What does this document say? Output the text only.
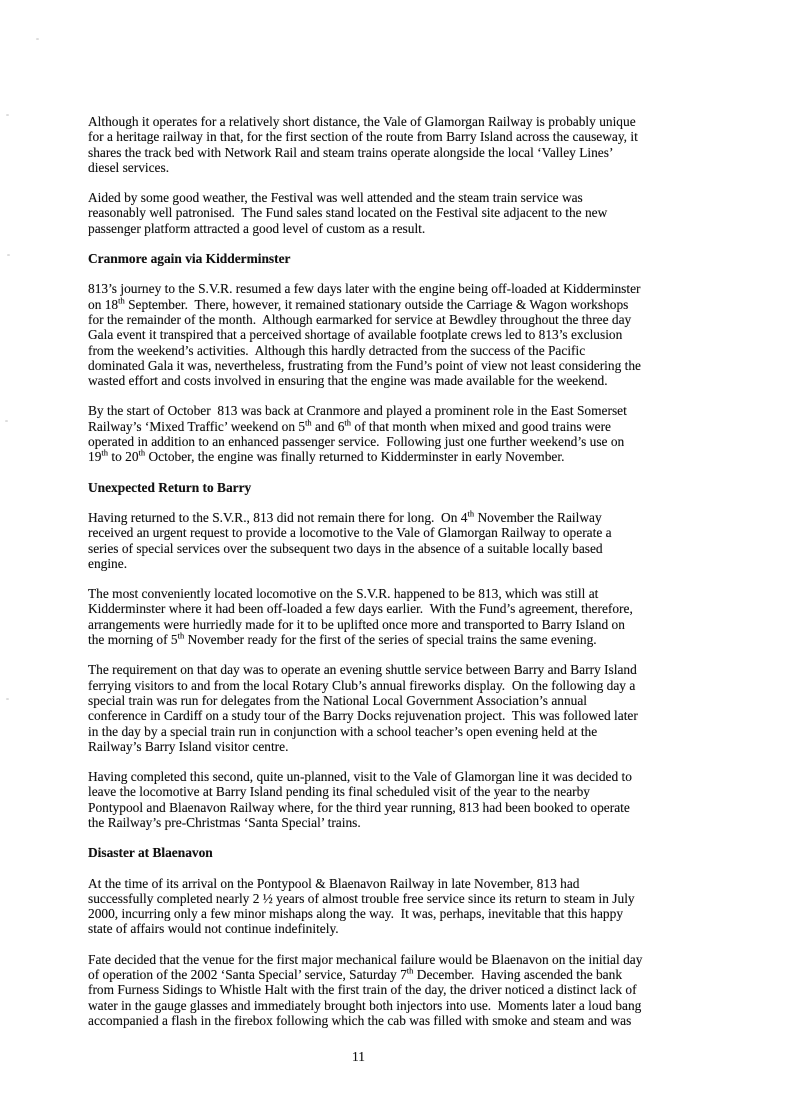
Although it operates for a relatively short distance, the Vale of Glamorgan Railway is probably unique
for a heritage railway in that, for the first section of the route from Barry Island across the causeway, it
shares the track bed with Network Rail and steam trains operate alongside the local ‘Valley Lines’
diesel services.
Aided by some good weather, the Festival was well attended and the steam train service was
reasonably well patronised.  The Fund sales stand located on the Festival site adjacent to the new
passenger platform attracted a good level of custom as a result.
Cranmore again via Kidderminster
813’s journey to the S.V.R. resumed a few days later with the engine being off-loaded at Kidderminster
on 18th September.  There, however, it remained stationary outside the Carriage & Wagon workshops
for the remainder of the month.  Although earmarked for service at Bewdley throughout the three day
Gala event it transpired that a perceived shortage of available footplate crews led to 813’s exclusion
from the weekend’s activities.  Although this hardly detracted from the success of the Pacific
dominated Gala it was, nevertheless, frustrating from the Fund’s point of view not least considering the
wasted effort and costs involved in ensuring that the engine was made available for the weekend.
By the start of October  813 was back at Cranmore and played a prominent role in the East Somerset
Railway’s ‘Mixed Traffic’ weekend on 5th and 6th of that month when mixed and good trains were
operated in addition to an enhanced passenger service.  Following just one further weekend’s use on
19th to 20th October, the engine was finally returned to Kidderminster in early November.
Unexpected Return to Barry
Having returned to the S.V.R., 813 did not remain there for long.  On 4th November the Railway
received an urgent request to provide a locomotive to the Vale of Glamorgan Railway to operate a
series of special services over the subsequent two days in the absence of a suitable locally based
engine.
The most conveniently located locomotive on the S.V.R. happened to be 813, which was still at
Kidderminster where it had been off-loaded a few days earlier.  With the Fund’s agreement, therefore,
arrangements were hurriedly made for it to be uplifted once more and transported to Barry Island on
the morning of 5th November ready for the first of the series of special trains the same evening.
The requirement on that day was to operate an evening shuttle service between Barry and Barry Island
ferrying visitors to and from the local Rotary Club’s annual fireworks display.  On the following day a
special train was run for delegates from the National Local Government Association’s annual
conference in Cardiff on a study tour of the Barry Docks rejuvenation project.  This was followed later
in the day by a special train run in conjunction with a school teacher’s open evening held at the
Railway’s Barry Island visitor centre.
Having completed this second, quite un-planned, visit to the Vale of Glamorgan line it was decided to
leave the locomotive at Barry Island pending its final scheduled visit of the year to the nearby
Pontypool and Blaenavon Railway where, for the third year running, 813 had been booked to operate
the Railway’s pre-Christmas ‘Santa Special’ trains.
Disaster at Blaenavon
At the time of its arrival on the Pontypool & Blaenavon Railway in late November, 813 had
successfully completed nearly 2 ½ years of almost trouble free service since its return to steam in July
2000, incurring only a few minor mishaps along the way.  It was, perhaps, inevitable that this happy
state of affairs would not continue indefinitely.
Fate decided that the venue for the first major mechanical failure would be Blaenavon on the initial day
of operation of the 2002 ‘Santa Special’ service, Saturday 7th December.  Having ascended the bank
from Furness Sidings to Whistle Halt with the first train of the day, the driver noticed a distinct lack of
water in the gauge glasses and immediately brought both injectors into use.  Moments later a loud bang
accompanied a flash in the firebox following which the cab was filled with smoke and steam and was
11
